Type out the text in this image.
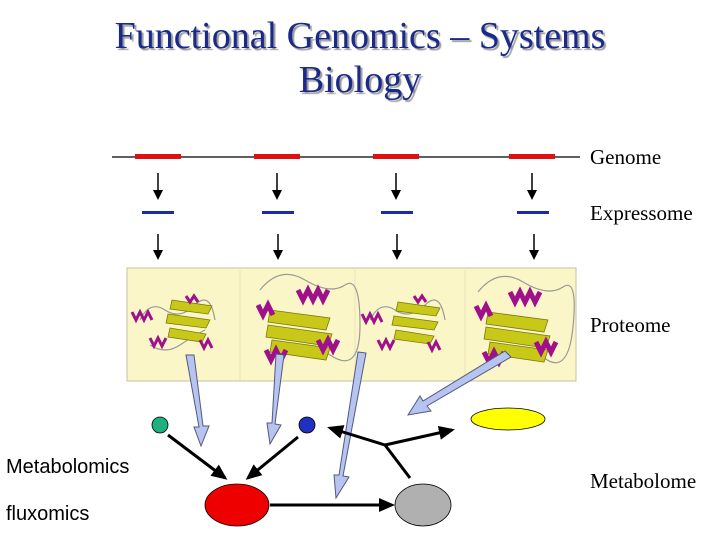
Functional Genomics – Systems Biology
Genome
Expressome
Proteome
Metabolome
Metabolomics
fluxomics
